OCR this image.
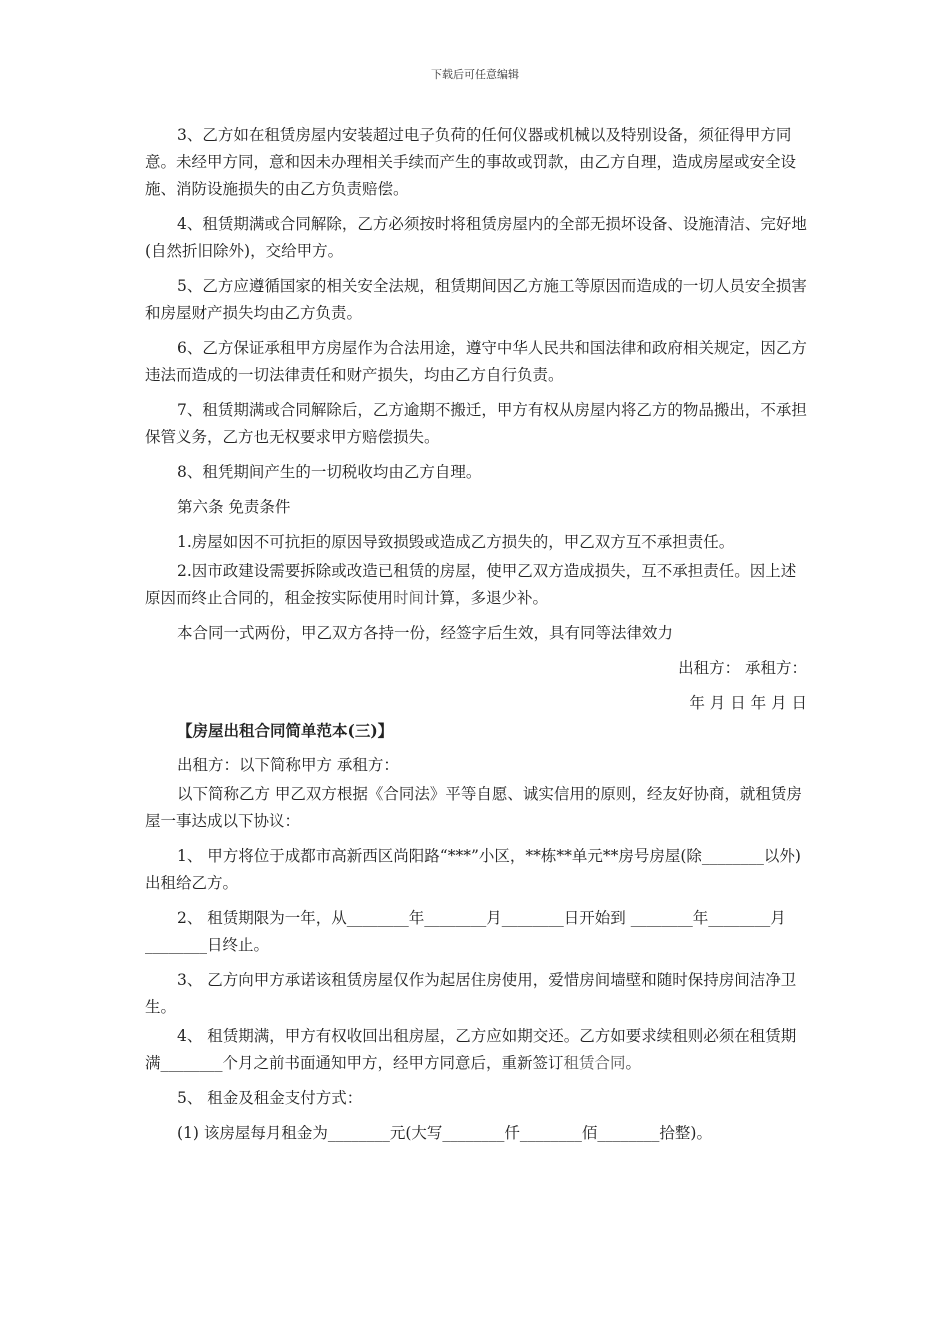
下载后可任意编辑

3、乙方如在租赁房屋内安装超过电子负荷的任何仪器或机械以及特别设备，须征得甲方同意。未经甲方同，意和因未办理相关手续而产生的事故或罚款，由乙方自理，造成房屋或安全设施、消防设施损失的由乙方负责赔偿。

4、租赁期满或合同解除，乙方必须按时将租赁房屋内的全部无损坏设备、设施清洁、完好地(自然折旧除外)，交给甲方。

5、乙方应遵循国家的相关安全法规，租赁期间因乙方施工等原因而造成的一切人员安全损害和房屋财产损失均由乙方负责。

6、乙方保证承租甲方房屋作为合法用途，遵守中华人民共和国法律和政府相关规定，因乙方违法而造成的一切法律责任和财产损失，均由乙方自行负责。

7、租赁期满或合同解除后，乙方逾期不搬迁，甲方有权从房屋内将乙方的物品搬出，不承担保管义务，乙方也无权要求甲方赔偿损失。

8、租凭期间产生的一切税收均由乙方自理。

第六条 免责条件

1.房屋如因不可抗拒的原因导致损毁或造成乙方损失的，甲乙双方互不承担责任。

2.因市政建设需要拆除或改造已租赁的房屋，使甲乙双方造成损失，互不承担责任。因上述原因而终止合同的，租金按实际使用时间计算，多退少补。

本合同一式两份，甲乙双方各持一份，经签字后生效，具有同等法律效力

出租方： 承租方：

年 月 日 年 月 日

【房屋出租合同简单范本(三)】

出租方：以下简称甲方 承租方：

以下简称乙方 甲乙双方根据《合同法》平等自愿、诚实信用的原则，经友好协商，就租赁房屋一事达成以下协议：

1、 甲方将位于成都市高新西区尚阳路“***”小区，**栋**单元**房号房屋(除________以外)出租给乙方。

2、 租赁期限为一年，从________年________月________日开始到 ________年________月________日终止。

3、 乙方向甲方承诺该租赁房屋仅作为起居住房使用，爱惜房间墙壁和随时保持房间洁净卫生。

4、 租赁期满，甲方有权收回出租房屋，乙方应如期交还。乙方如要求续租则必须在租赁期满________个月之前书面通知甲方，经甲方同意后，重新签订租赁合同。

5、 租金及租金支付方式：

(1) 该房屋每月租金为________元(大写________仟________佰________拾整)。
